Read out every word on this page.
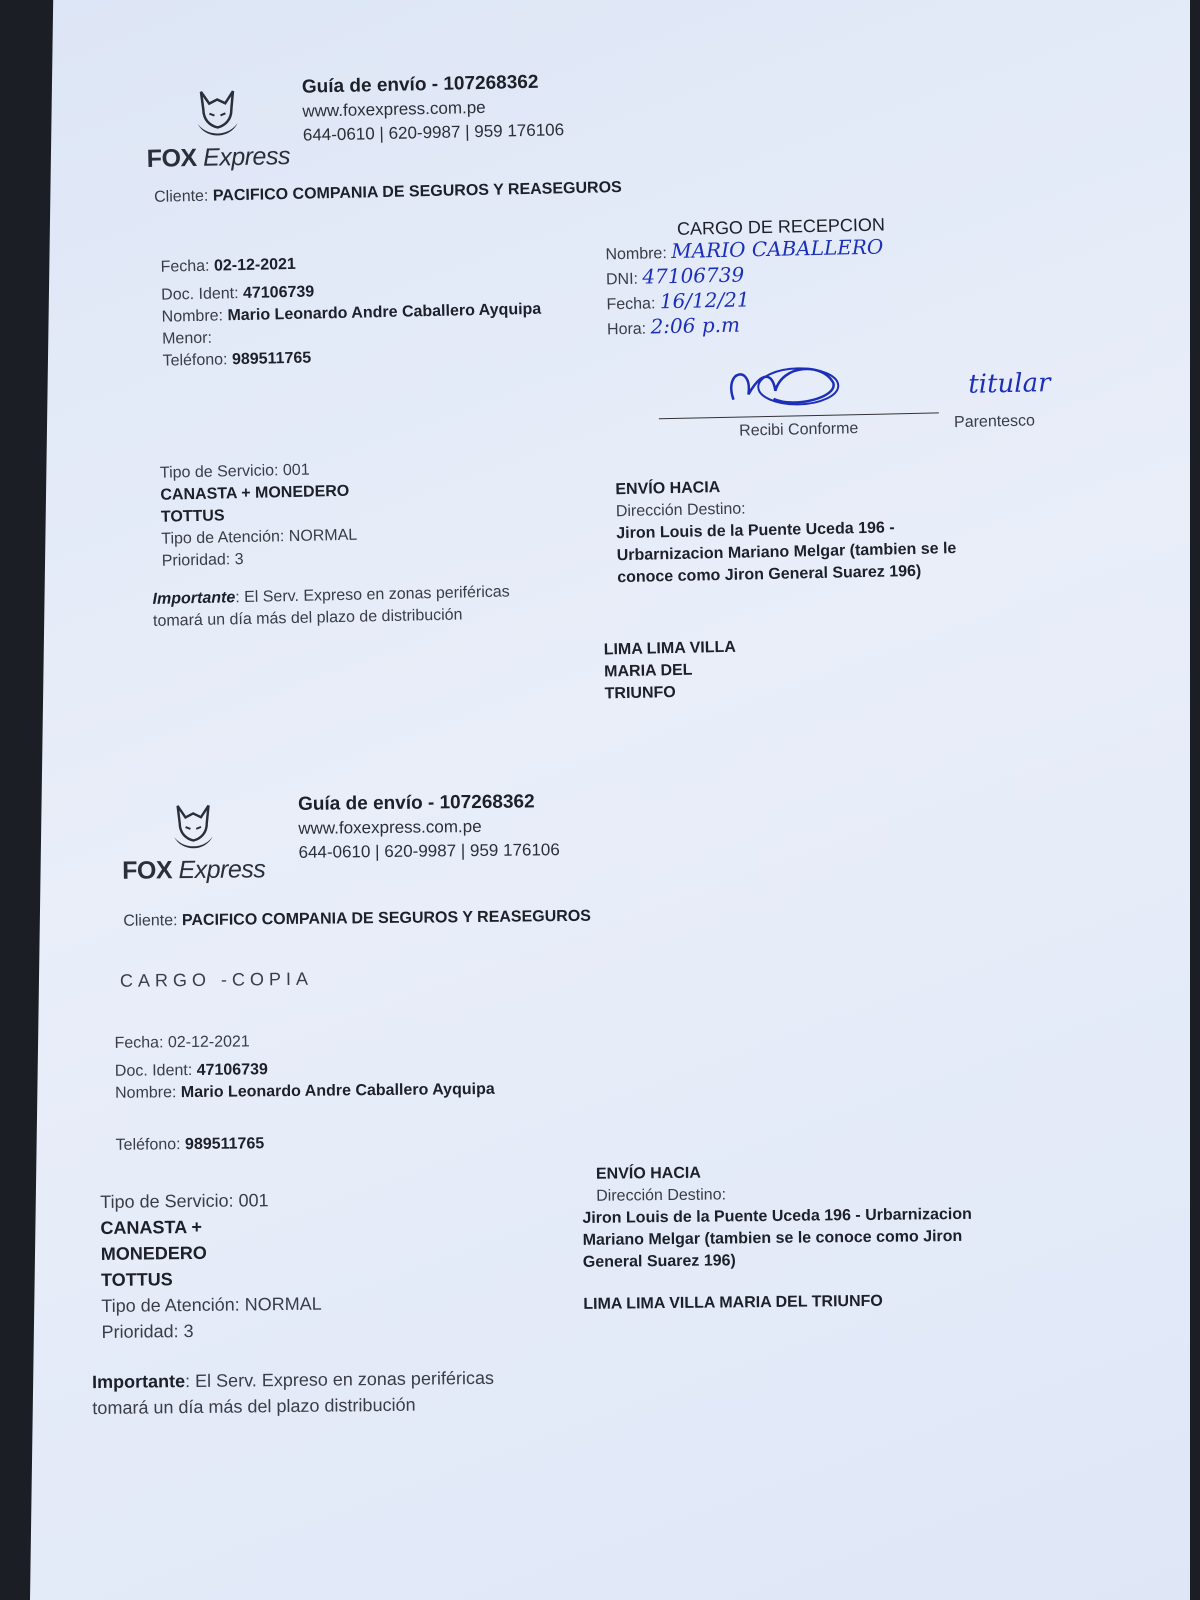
FOX Express
Guía de envío - 107268362
www.foxexpress.com.pe
644-0610 | 620-9987 | 959 176106
Cliente: PACIFICO COMPANIA DE SEGUROS Y REASEGUROS
Fecha: 02-12-2021
Doc. Ident: 47106739
Nombre: Mario Leonardo Andre Caballero Ayquipa
Menor:
Teléfono: 989511765
CARGO DE RECEPCION
Nombre: MARIO CABALLERO
DNI: 47106739
Fecha: 16/12/21
Hora: 2:06 p.m
Recibi Conforme
titular
Parentesco
Tipo de Servicio: 001
CANASTA + MONEDERO
TOTTUS
Tipo de Atención: NORMAL
Prioridad: 3
Importante: El Serv. Expreso en zonas periféricas
tomará un día más del plazo de distribución
ENVÍO HACIA
Dirección Destino:
Jiron Louis de la Puente Uceda 196 -
Urbarnizacion Mariano Melgar (tambien se le
conoce como Jiron General Suarez 196)
LIMA LIMA VILLA
MARIA DEL
TRIUNFO
FOX Express
Guía de envío - 107268362
www.foxexpress.com.pe
644-0610 | 620-9987 | 959 176106
Cliente: PACIFICO COMPANIA DE SEGUROS Y REASEGUROS
CARGO -COPIA
Fecha: 02-12-2021
Doc. Ident: 47106739
Nombre: Mario Leonardo Andre Caballero Ayquipa
Teléfono: 989511765
Tipo de Servicio: 001
CANASTA +
MONEDERO
TOTTUS
Tipo de Atención: NORMAL
Prioridad: 3
Importante: El Serv. Expreso en zonas periféricas
tomará un día más del plazo distribución
ENVÍO HACIA
Dirección Destino:
Jiron Louis de la Puente Uceda 196 - Urbarnizacion
Mariano Melgar (tambien se le conoce como Jiron
General Suarez 196)
LIMA LIMA VILLA MARIA DEL TRIUNFO
